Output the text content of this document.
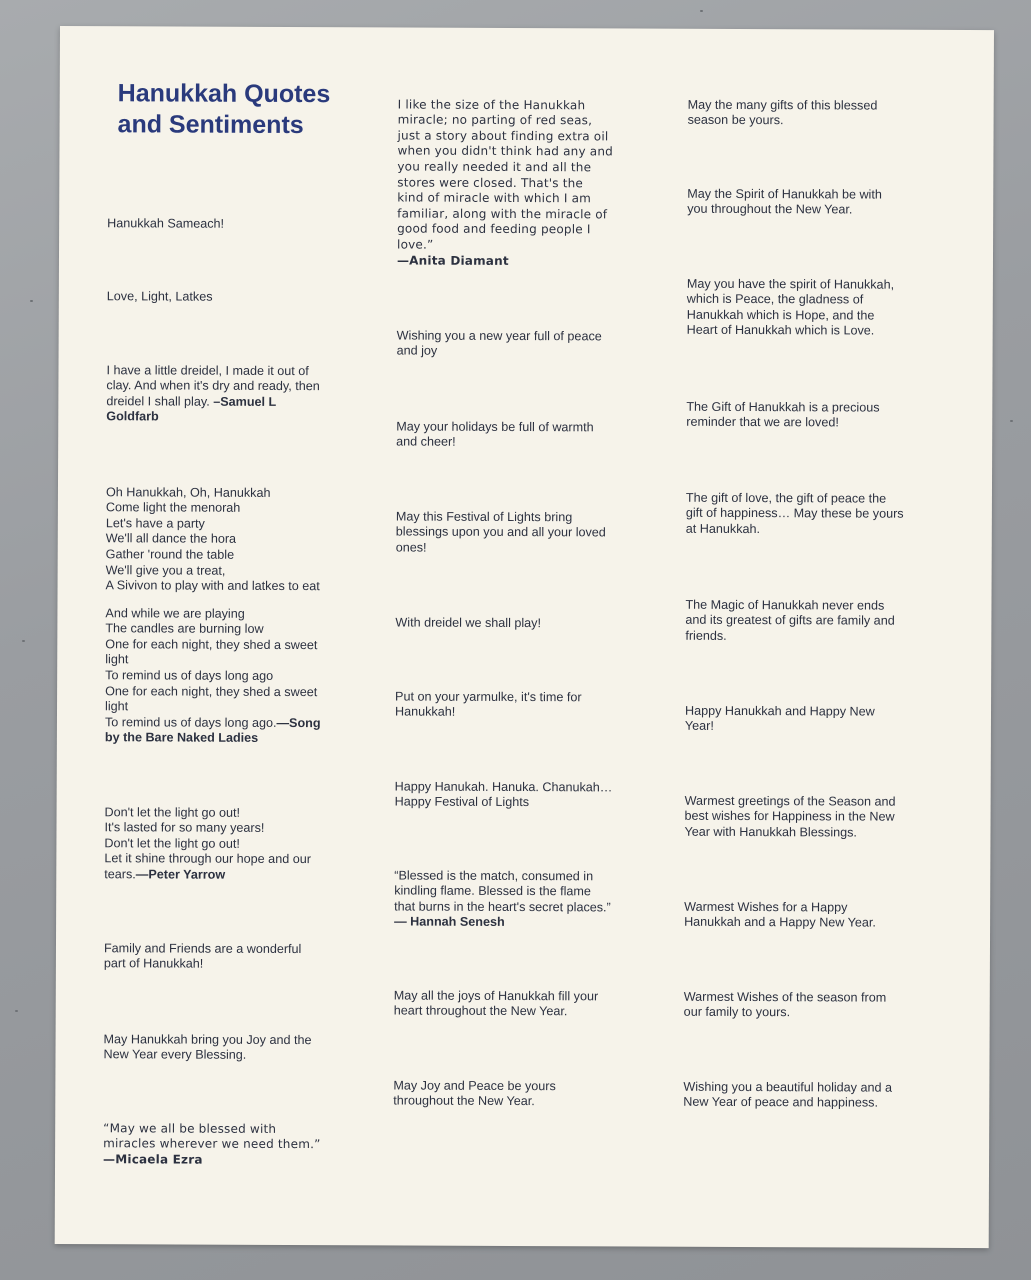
Hanukkah Quotes and Sentiments

Hanukkah Sameach!

Love, Light, Latkes

I have a little dreidel, I made it out of
clay. And when it's dry and ready, then
dreidel I shall play. –Samuel L
Goldfarb

Oh Hanukkah, Oh, Hanukkah
Come light the menorah
Let's have a party
We'll all dance the hora
Gather 'round the table
We'll give you a treat,
A Sivivon to play with and latkes to eat

And while we are playing
The candles are burning low
One for each night, they shed a sweet
light
To remind us of days long ago
One for each night, they shed a sweet
light
To remind us of days long ago.—Song
by the Bare Naked Ladies

Don't let the light go out!
It's lasted for so many years!
Don't let the light go out!
Let it shine through our hope and our
tears.—Peter Yarrow

Family and Friends are a wonderful
part of Hanukkah!

May Hanukkah bring you Joy and the
New Year every Blessing.

“May we all be blessed with
miracles wherever we need them.”
—Micaela Ezra

I like the size of the Hanukkah
miracle; no parting of red seas,
just a story about finding extra oil
when you didn't think had any and
you really needed it and all the
stores were closed. That's the
kind of miracle with which I am
familiar, along with the miracle of
good food and feeding people I
love.”
—Anita Diamant

Wishing you a new year full of peace
and joy

May your holidays be full of warmth
and cheer!

May this Festival of Lights bring
blessings upon you and all your loved
ones!

With dreidel we shall play!

Put on your yarmulke, it's time for
Hanukkah!

Happy Hanukah. Hanuka. Chanukah…
Happy Festival of Lights

“Blessed is the match, consumed in
kindling flame. Blessed is the flame
that burns in the heart's secret places.”
— Hannah Senesh

May all the joys of Hanukkah fill your
heart throughout the New Year.

May Joy and Peace be yours
throughout the New Year.

May the many gifts of this blessed
season be yours.

May the Spirit of Hanukkah be with
you throughout the New Year.

May you have the spirit of Hanukkah,
which is Peace, the gladness of
Hanukkah which is Hope, and the
Heart of Hanukkah which is Love.

The Gift of Hanukkah is a precious
reminder that we are loved!

The gift of love, the gift of peace the
gift of happiness… May these be yours
at Hanukkah.

The Magic of Hanukkah never ends
and its greatest of gifts are family and
friends.

Happy Hanukkah and Happy New
Year!

Warmest greetings of the Season and
best wishes for Happiness in the New
Year with Hanukkah Blessings.

Warmest Wishes for a Happy
Hanukkah and a Happy New Year.

Warmest Wishes of the season from
our family to yours.

Wishing you a beautiful holiday and a
New Year of peace and happiness.
